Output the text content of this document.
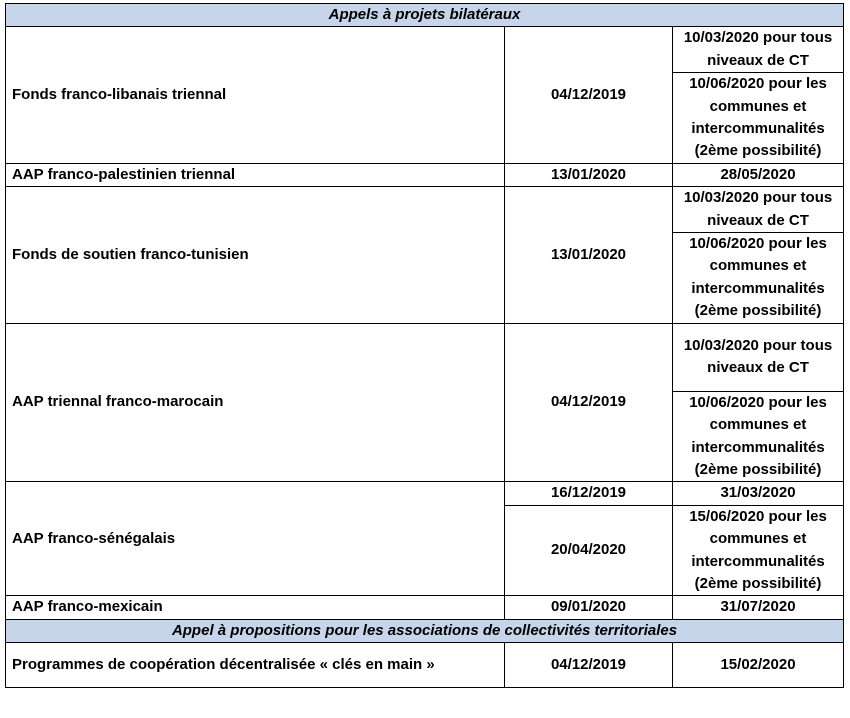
Appels à projets bilatéraux		
Fonds franco-libanais triennal	04/12/2019	10/03/2020 pour tous niveaux de CT
		10/06/2020 pour les communes et intercommunalités (2ème possibilité)
AAP franco-palestinien triennal	13/01/2020	28/05/2020
Fonds de soutien franco-tunisien	13/01/2020	10/03/2020 pour tous niveaux de CT
		10/06/2020 pour les communes et intercommunalités (2ème possibilité)
AAP triennal franco-marocain	04/12/2019	10/03/2020 pour tous niveaux de CT
		10/06/2020 pour les communes et intercommunalités (2ème possibilité)
AAP franco-sénégalais	16/12/2019	31/03/2020
	20/04/2020	15/06/2020 pour les communes et intercommunalités (2ème possibilité)
AAP franco-mexicain	09/01/2020	31/07/2020
Appel à propositions pour les associations de collectivités territoriales		
Programmes de coopération décentralisée « clés en main »	04/12/2019	15/02/2020
